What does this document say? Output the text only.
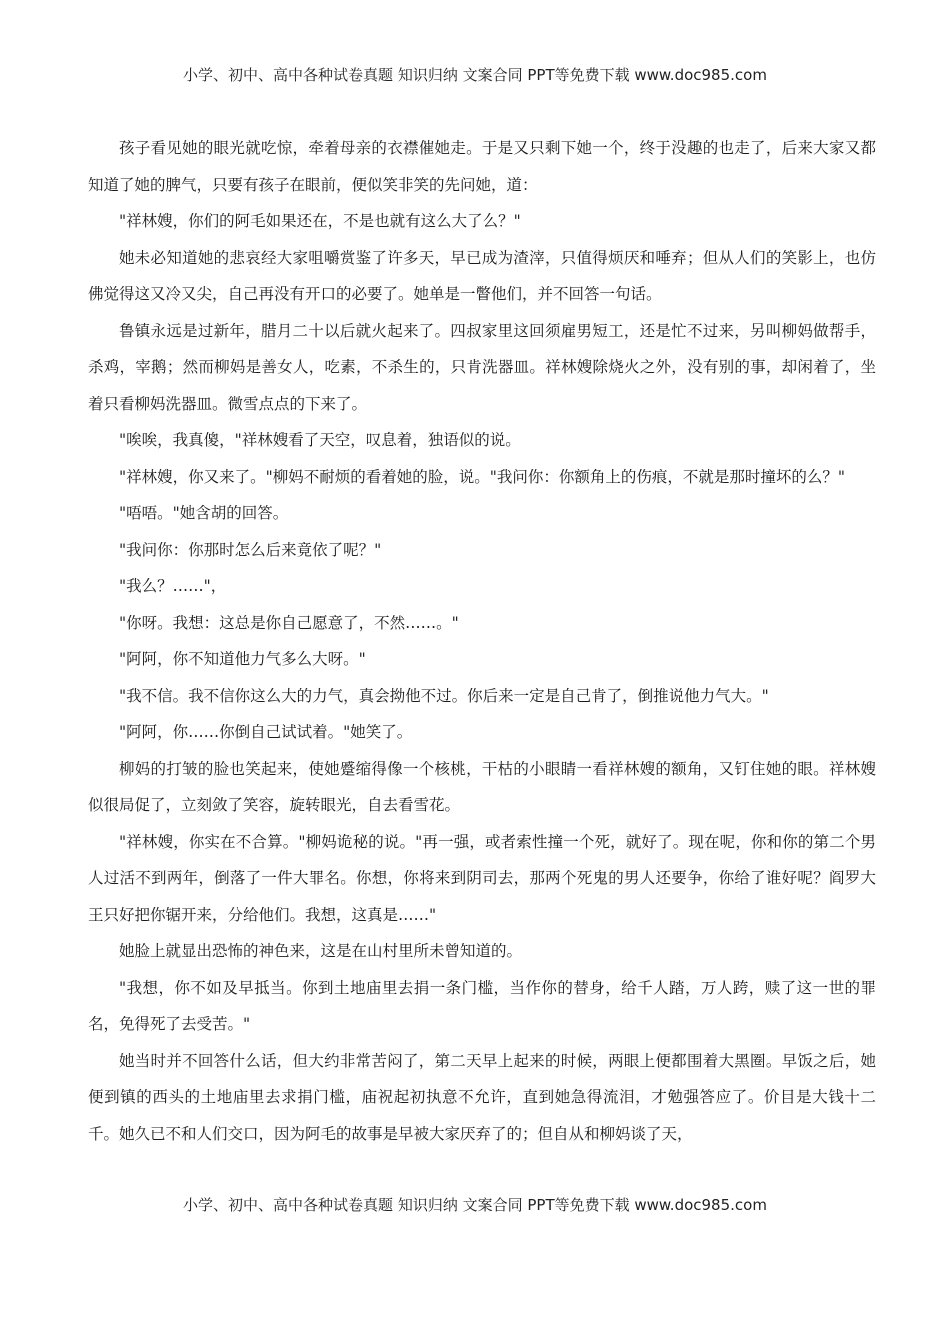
小学、初中、高中各种试卷真题 知识归纳 文案合同 PPT等免费下载 www.doc985.com

孩子看见她的眼光就吃惊，牵着母亲的衣襟催她走。于是又只剩下她一个，终于没趣的也走了，后来大家又都知道了她的脾气，只要有孩子在眼前，便似笑非笑的先问她，道：

"祥林嫂，你们的阿毛如果还在，不是也就有这么大了么？"

她未必知道她的悲哀经大家咀嚼赏鉴了许多天，早已成为渣滓，只值得烦厌和唾弃；但从人们的笑影上，也仿佛觉得这又冷又尖，自己再没有开口的必要了。她单是一瞥他们，并不回答一句话。

鲁镇永远是过新年，腊月二十以后就火起来了。四叔家里这回须雇男短工，还是忙不过来，另叫柳妈做帮手，杀鸡，宰鹅；然而柳妈是善女人，吃素，不杀生的，只肯洗器皿。祥林嫂除烧火之外，没有别的事，却闲着了，坐着只看柳妈洗器皿。微雪点点的下来了。

"唉唉，我真傻，"祥林嫂看了天空，叹息着，独语似的说。

"祥林嫂，你又来了。"柳妈不耐烦的看着她的脸，说。"我问你：你额角上的伤痕，不就是那时撞坏的么？"

"唔唔。"她含胡的回答。

"我问你：你那时怎么后来竟依了呢？"

"我么？……"，

"你呀。我想：这总是你自己愿意了，不然……。"

"阿阿，你不知道他力气多么大呀。"

"我不信。我不信你这么大的力气，真会拗他不过。你后来一定是自己肯了，倒推说他力气大。"

"阿阿，你……你倒自己试试着。"她笑了。

柳妈的打皱的脸也笑起来，使她蹙缩得像一个核桃，干枯的小眼睛一看祥林嫂的额角，又钉住她的眼。祥林嫂似很局促了，立刻敛了笑容，旋转眼光，自去看雪花。

"祥林嫂，你实在不合算。"柳妈诡秘的说。"再一强，或者索性撞一个死，就好了。现在呢，你和你的第二个男人过活不到两年，倒落了一件大罪名。你想，你将来到阴司去，那两个死鬼的男人还要争，你给了谁好呢？阎罗大王只好把你锯开来，分给他们。我想，这真是……"

她脸上就显出恐怖的神色来，这是在山村里所未曾知道的。

"我想，你不如及早抵当。你到土地庙里去捐一条门槛，当作你的替身，给千人踏，万人跨，赎了这一世的罪名，免得死了去受苦。"

她当时并不回答什么话，但大约非常苦闷了，第二天早上起来的时候，两眼上便都围着大黑圈。早饭之后，她便到镇的西头的土地庙里去求捐门槛，庙祝起初执意不允许，直到她急得流泪，才勉强答应了。价目是大钱十二千。她久已不和人们交口，因为阿毛的故事是早被大家厌弃了的；但自从和柳妈谈了天，

小学、初中、高中各种试卷真题 知识归纳 文案合同 PPT等免费下载 www.doc985.com
